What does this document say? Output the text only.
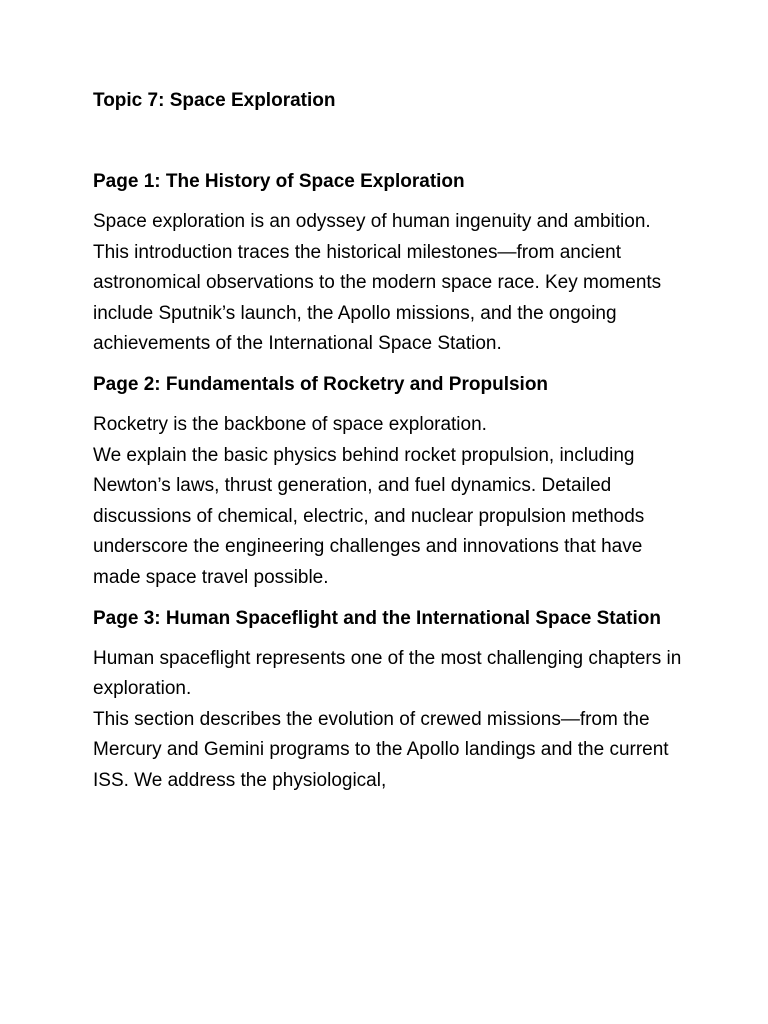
Topic 7: Space Exploration
Page 1: The History of Space Exploration
Space exploration is an odyssey of human ingenuity and ambition.
This introduction traces the historical milestones—from ancient astronomical observations to the modern space race. Key moments include Sputnik’s launch, the Apollo missions, and the ongoing achievements of the International Space Station.
Page 2: Fundamentals of Rocketry and Propulsion
Rocketry is the backbone of space exploration.
We explain the basic physics behind rocket propulsion, including Newton’s laws, thrust generation, and fuel dynamics. Detailed discussions of chemical, electric, and nuclear propulsion methods underscore the engineering challenges and innovations that have made space travel possible.
Page 3: Human Spaceflight and the International Space Station
Human spaceflight represents one of the most challenging chapters in exploration.
This section describes the evolution of crewed missions—from the Mercury and Gemini programs to the Apollo landings and the current ISS. We address the physiological,
